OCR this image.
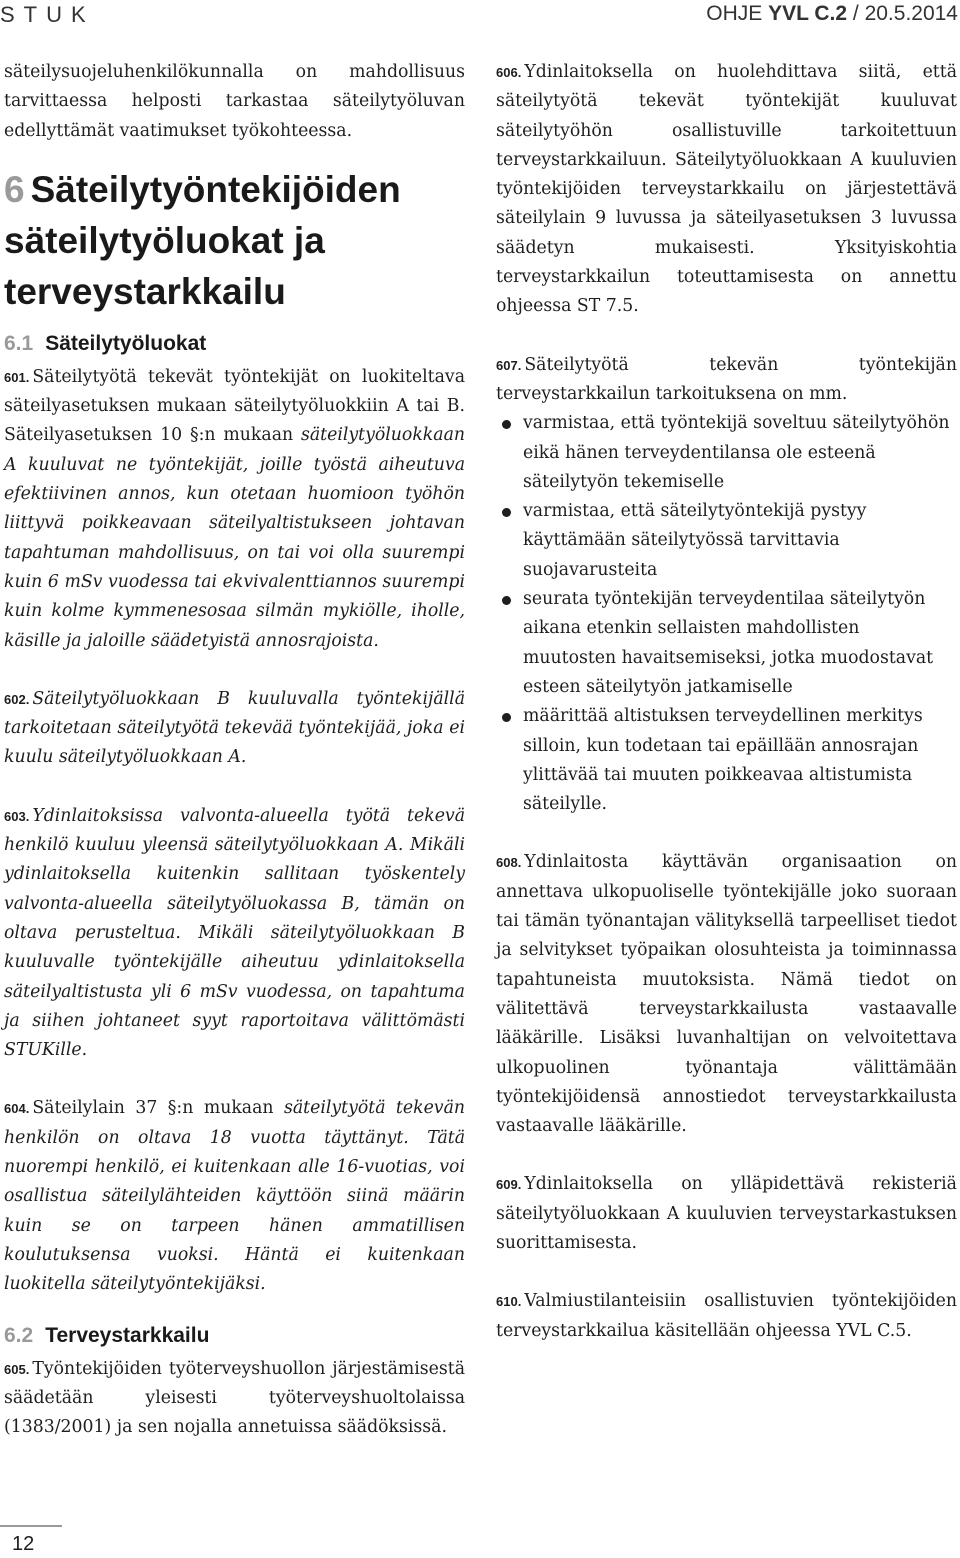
STUK	OHJE YVL C.2 / 20.5.2014

säteilysuojeluhenkilökunnalla on mahdollisuus tarvittaessa helposti tarkastaa säteilytyöluvan edellyttämät vaatimukset työkohteessa.

6 Säteilytyöntekijöiden säteilytyöluokat ja terveystarkkailu
6.1 Säteilytyöluokat

601. Säteilytyötä tekevät työntekijät on luokiteltava säteilyasetuksen mukaan säteilytyöluokkiin A tai B. Säteilyasetuksen 10 §:n mukaan säteilytyöluokkaan A kuuluvat ne työntekijät, joille työstä aiheutuva efektiivinen annos, kun otetaan huomioon työhön liittyvä poikkeavaan säteilyaltistukseen johtavan tapahtuman mahdollisuus, on tai voi olla suurempi kuin 6 mSv vuodessa tai ekvivalenttiannos suurempi kuin kolme kymmenesosaa silmän mykiölle, iholle, käsille ja jaloille säädetyistä annosrajoista.

602. Säteilytyöluokkaan B kuuluvalla työntekijällä tarkoitetaan säteilytyötä tekevää työntekijää, joka ei kuulu säteilytyöluokkaan A.

603. Ydinlaitoksissa valvonta-alueella työtä tekevä henkilö kuuluu yleensä säteilytyöluokkaan A. Mikäli ydinlaitoksella kuitenkin sallitaan työskentely valvonta-alueella säteilytyöluokassa B, tämän on oltava perusteltua. Mikäli säteilytyöluokkaan B kuuluvalle työntekijälle aiheutuu ydinlaitoksella säteilyaltistusta yli 6 mSv vuodessa, on tapahtuma ja siihen johtaneet syyt raportoitava välittömästi STUKille.

604. Säteilylain 37 §:n mukaan säteilytyötä tekevän henkilön on oltava 18 vuotta täyttänyt. Tätä nuorempi henkilö, ei kuitenkaan alle 16-vuotias, voi osallistua säteilylähteiden käyttöön siinä määrin kuin se on tarpeen hänen ammatillisen koulutuksensa vuoksi. Häntä ei kuitenkaan luokitella säteilytyöntekijäksi.

6.2 Terveystarkkailu

605. Työntekijöiden työterveyshuollon järjestämisestä säädetään yleisesti työterveyshuoltolaissa (1383/2001) ja sen nojalla annetuissa säädöksissä.

606. Ydinlaitoksella on huolehdittava siitä, että säteilytyötä tekevät työntekijät kuuluvat säteilytyöhön osallistuville tarkoitettuun terveystarkkailuun. Säteilytyöluokkaan A kuuluvien työntekijöiden terveystarkkailu on järjestettävä säteilylain 9 luvussa ja säteilyasetuksen 3 luvussa säädetyn mukaisesti. Yksityiskohtia terveystarkkailun toteuttamisesta on annettu ohjeessa ST 7.5.

607. Säteilytyötä tekevän työntekijän terveystarkkailun tarkoituksena on mm.

varmistaa, että työntekijä soveltuu säteilytyöhön eikä hänen terveydentilansa ole esteenä säteilytyön tekemiselle
varmistaa, että säteilytyöntekijä pystyy käyttämään säteilytyössä tarvittavia suojavarusteita
seurata työntekijän terveydentilaa säteilytyön aikana etenkin sellaisten mahdollisten muutosten havaitsemiseksi, jotka muodostavat esteen säteilytyön jatkamiselle
määrittää altistuksen terveydellinen merkitys silloin, kun todetaan tai epäillään annosrajan ylittävää tai muuten poikkeavaa altistumista säteilylle.

608. Ydinlaitosta käyttävän organisaation on annettava ulkopuoliselle työntekijälle joko suoraan tai tämän työnantajan välityksellä tarpeelliset tiedot ja selvitykset työpaikan olosuhteista ja toiminnassa tapahtuneista muutoksista. Nämä tiedot on välitettävä terveystarkkailusta vastaavalle lääkärille. Lisäksi luvanhaltijan on velvoitettava ulkopuolinen työnantaja välittämään työntekijöidensä annostiedot terveystarkkailusta vastaavalle lääkärille.

609. Ydinlaitoksella on ylläpidettävä rekisteriä säteilytyöluokkaan A kuuluvien terveystarkastuksen suorittamisesta.

610. Valmiustilanteisiin osallistuvien työntekijöiden terveystarkkailua käsitellään ohjeessa YVL C.5.

12
